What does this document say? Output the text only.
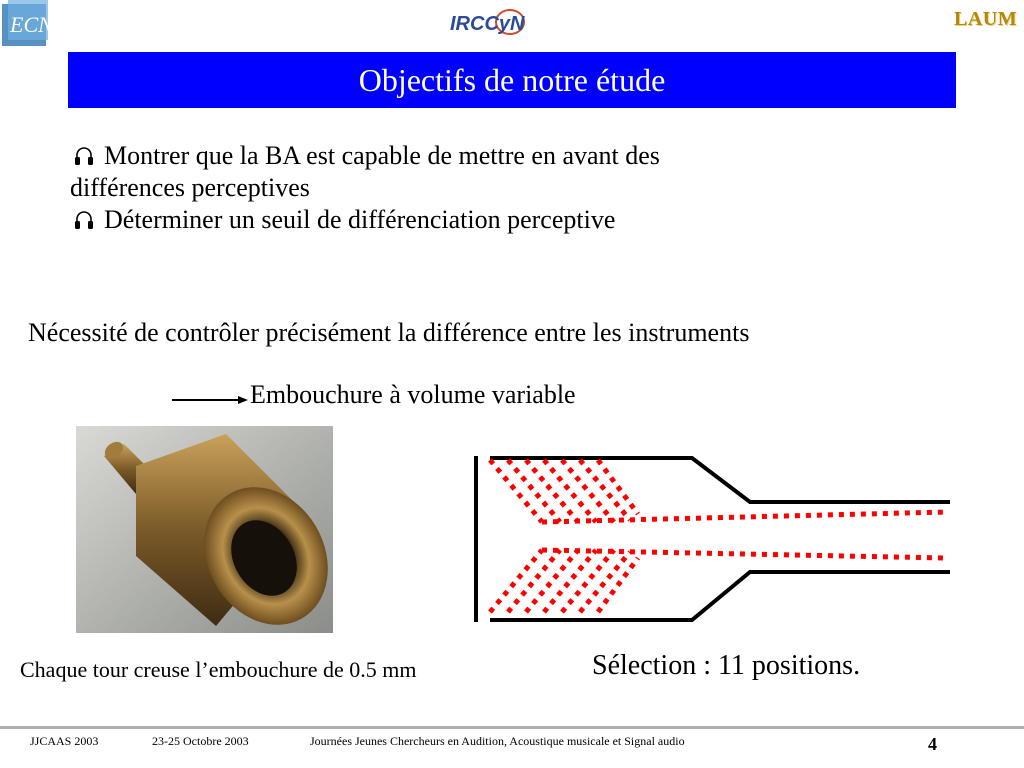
ECN	IRCCyN	LAUM
Objectifs de notre étude
Montrer que la BA est capable de mettre en avant des
différences perceptives
Déterminer un seuil de différenciation perceptive
Nécessité de contrôler précisément la différence entre les instruments
Embouchure à volume variable
Chaque tour creuse l’embouchure de 0.5 mm	Sélection : 11 positions.
JJCAAS 2003	23-25 Octobre 2003	Journées Jeunes Chercheurs en Audition, Acoustique musicale et Signal audio	4
